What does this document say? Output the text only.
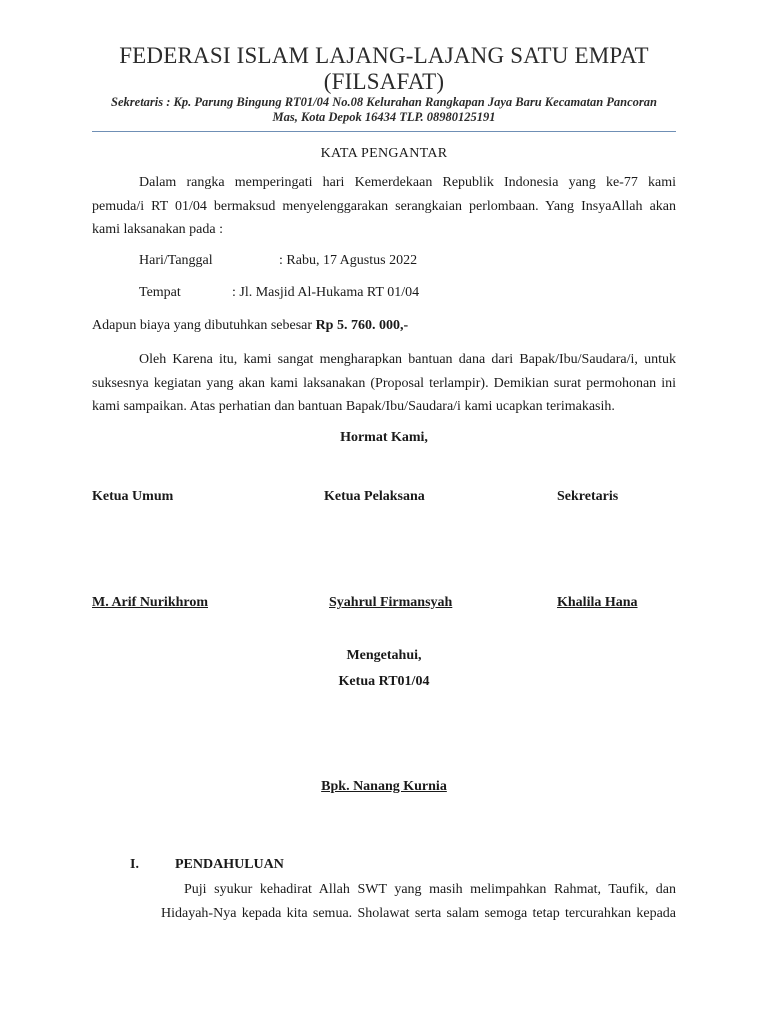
FEDERASI ISLAM LAJANG-LAJANG SATU EMPAT
(FILSAFAT)
Sekretaris : Kp. Parung Bingung RT01/04 No.08 Kelurahan Rangkapan Jaya Baru Kecamatan Pancoran
Mas, Kota Depok 16434 TLP. 08980125191
KATA PENGANTAR
Dalam rangka memperingati hari Kemerdekaan Republik Indonesia yang ke-77 kami
pemuda/i RT 01/04 bermaksud menyelenggarakan serangkaian perlombaan. Yang InsyaAllah akan
kami laksanakan pada :
Hari/Tanggal	: Rabu, 17 Agustus 2022
Tempat	: Jl. Masjid Al-Hukama RT 01/04
Adapun biaya yang dibutuhkan sebesar Rp 5. 760. 000,-
Oleh Karena itu, kami sangat mengharapkan bantuan dana dari Bapak/Ibu/Saudara/i, untuk
suksesnya kegiatan yang akan kami laksanakan (Proposal terlampir). Demikian surat permohonan ini
kami sampaikan. Atas perhatian dan bantuan Bapak/Ibu/Saudara/i kami ucapkan terimakasih.
Hormat Kami,
Ketua Umum	Ketua Pelaksana	Sekretaris
M. Arif Nurikhrom	Syahrul Firmansyah	Khalila Hana
Mengetahui,
Ketua RT01/04
Bpk. Nanang Kurnia
I.	PENDAHULUAN
Puji syukur kehadirat Allah SWT yang masih melimpahkan Rahmat, Taufik, dan
Hidayah-Nya kepada kita semua. Sholawat serta salam semoga tetap tercurahkan kepada
